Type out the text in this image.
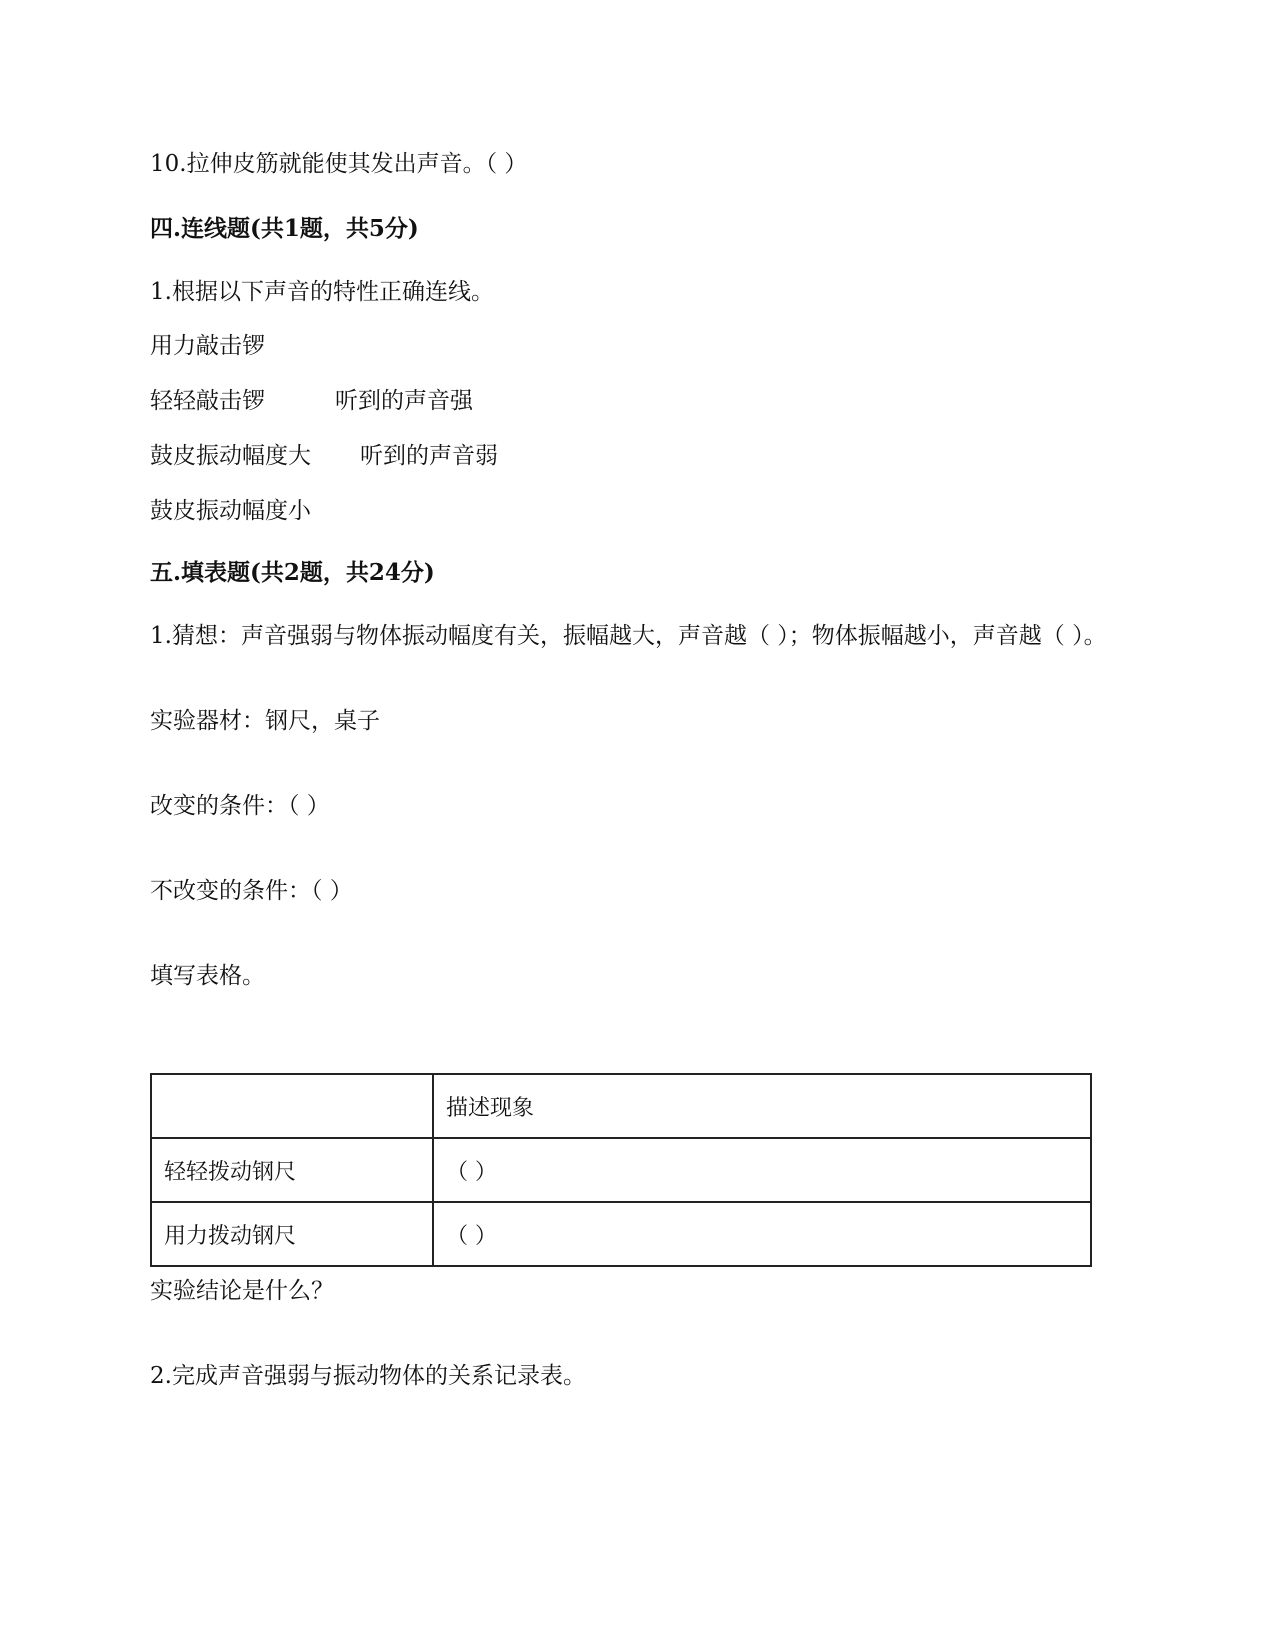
10.拉伸皮筋就能使其发出声音。（ ）
四.连线题(共1题，共5分)
1.根据以下声音的特性正确连线。
用力敲击锣
轻轻敲击锣	听到的声音强
鼓皮振动幅度大 听到的声音弱
鼓皮振动幅度小
五.填表题(共2题，共24分)
1.猜想：声音强弱与物体振动幅度有关，振幅越大，声音越（ ）；物体振幅越小，声音越（ ）。
实验器材：钢尺，桌子
改变的条件：（ ）
不改变的条件：（ ）
填写表格。
	描述现象
轻轻拨动钢尺	（ ）
用力拨动钢尺	（ ）
实验结论是什么？
2.完成声音强弱与振动物体的关系记录表。
